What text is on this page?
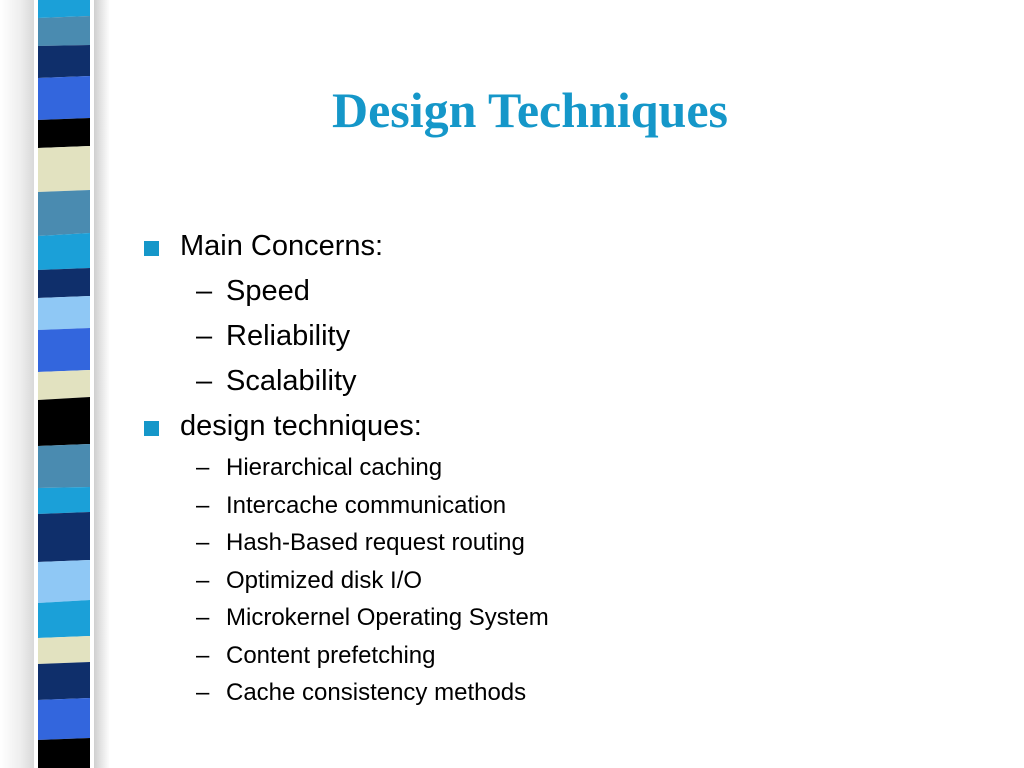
Design Techniques
Main Concerns:
– Speed
– Reliability
– Scalability
design techniques:
– Hierarchical caching
– Intercache communication
– Hash-Based request routing
– Optimized disk I/O
– Microkernel Operating System
– Content prefetching
– Cache consistency methods
